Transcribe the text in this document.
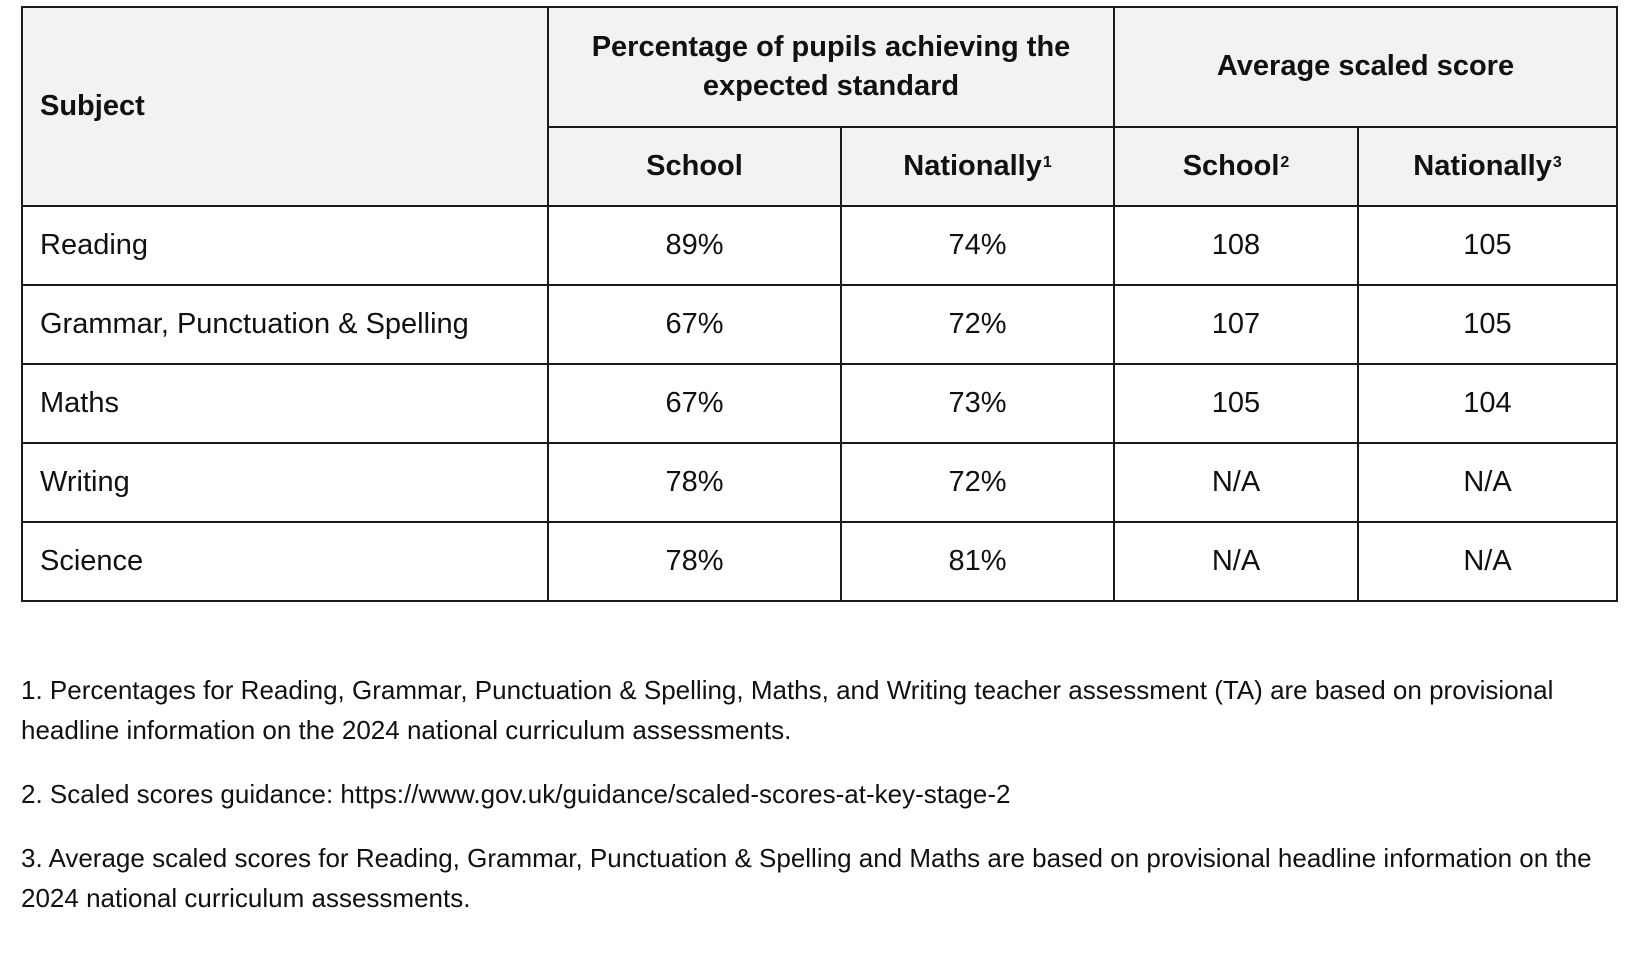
Subject	Percentage of pupils achieving the expected standard		Average scaled score	
	School	Nationally$^1$	School$^2$	Nationally$^3$
Reading	89%	74%	108	105
Grammar, Punctuation & Spelling	67%	72%	107	105
Maths	67%	73%	105	104
Writing	78%	72%	N/A	N/A
Science	78%	81%	N/A	N/A

1. Percentages for Reading, Grammar, Punctuation & Spelling, Maths, and Writing teacher assessment (TA) are based on provisional headline information on the 2024 national curriculum assessments.

2. Scaled scores guidance: https://www.gov.uk/guidance/scaled-scores-at-key-stage-2

3. Average scaled scores for Reading, Grammar, Punctuation & Spelling and Maths are based on provisional headline information on the 2024 national curriculum assessments.
